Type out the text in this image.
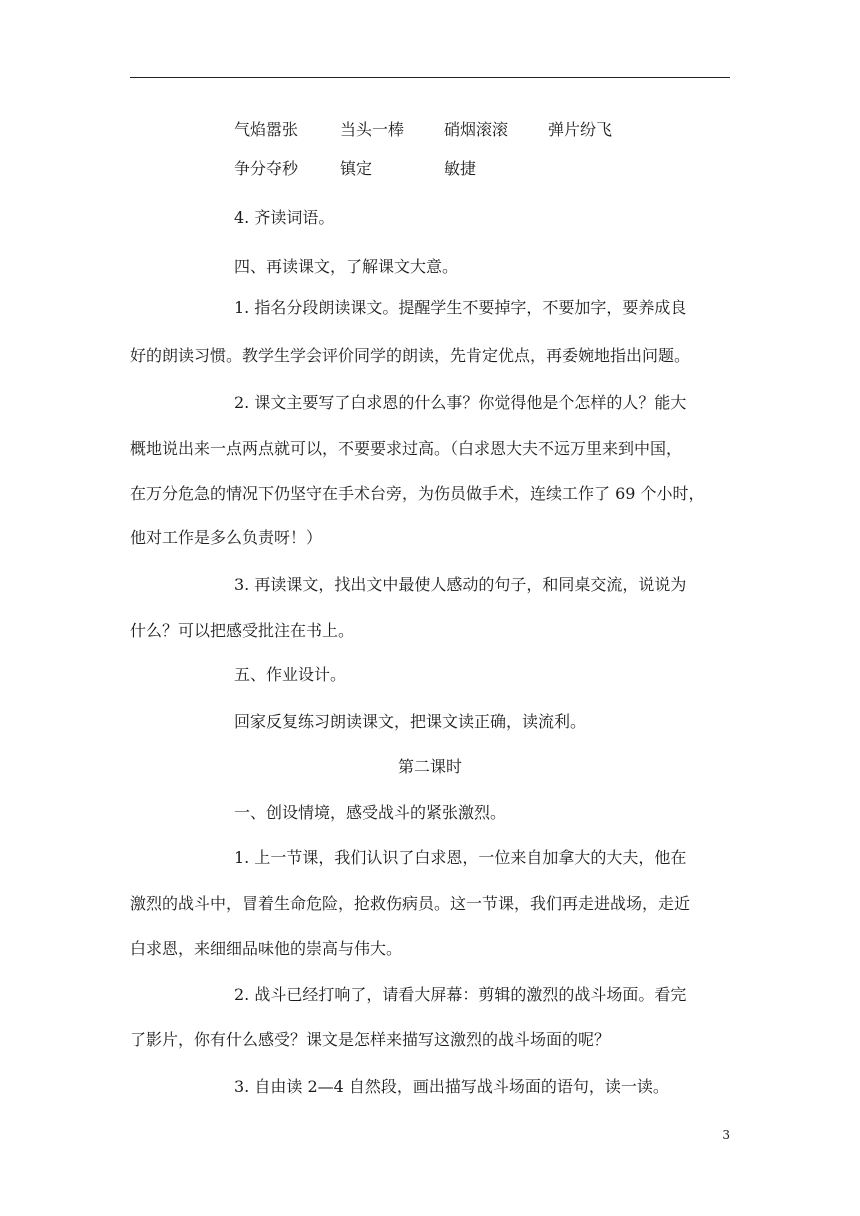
气焰嚣张	当头一棒 硝烟滚滚 弹片纷飞
争分夺秒	镇定	敏捷
4. 齐读词语。
四、再读课文，了解课文大意。
1. 指名分段朗读课文。提醒学生不要掉字，不要加字，要养成良
好的朗读习惯。教学生学会评价同学的朗读，先肯定优点，再委婉地指出问题。
2. 课文主要写了白求恩的什么事？你觉得他是个怎样的人？能大
概地说出来一点两点就可以，不要要求过高。（白求恩大夫不远万里来到中国，
在万分危急的情况下仍坚守在手术台旁，为伤员做手术，连续工作了 69 个小时，
他对工作是多么负责呀！）
3. 再读课文，找出文中最使人感动的句子，和同桌交流，说说为
什么？可以把感受批注在书上。
五、作业设计。
回家反复练习朗读课文，把课文读正确，读流利。
第二课时
一、创设情境，感受战斗的紧张激烈。
1. 上一节课，我们认识了白求恩，一位来自加拿大的大夫，他在
激烈的战斗中，冒着生命危险，抢救伤病员。这一节课，我们再走进战场，走近
白求恩，来细细品味他的崇高与伟大。
2. 战斗已经打响了，请看大屏幕：剪辑的激烈的战斗场面。看完
了影片，你有什么感受？课文是怎样来描写这激烈的战斗场面的呢？
3. 自由读 2—4 自然段，画出描写战斗场面的语句，读一读。
3
